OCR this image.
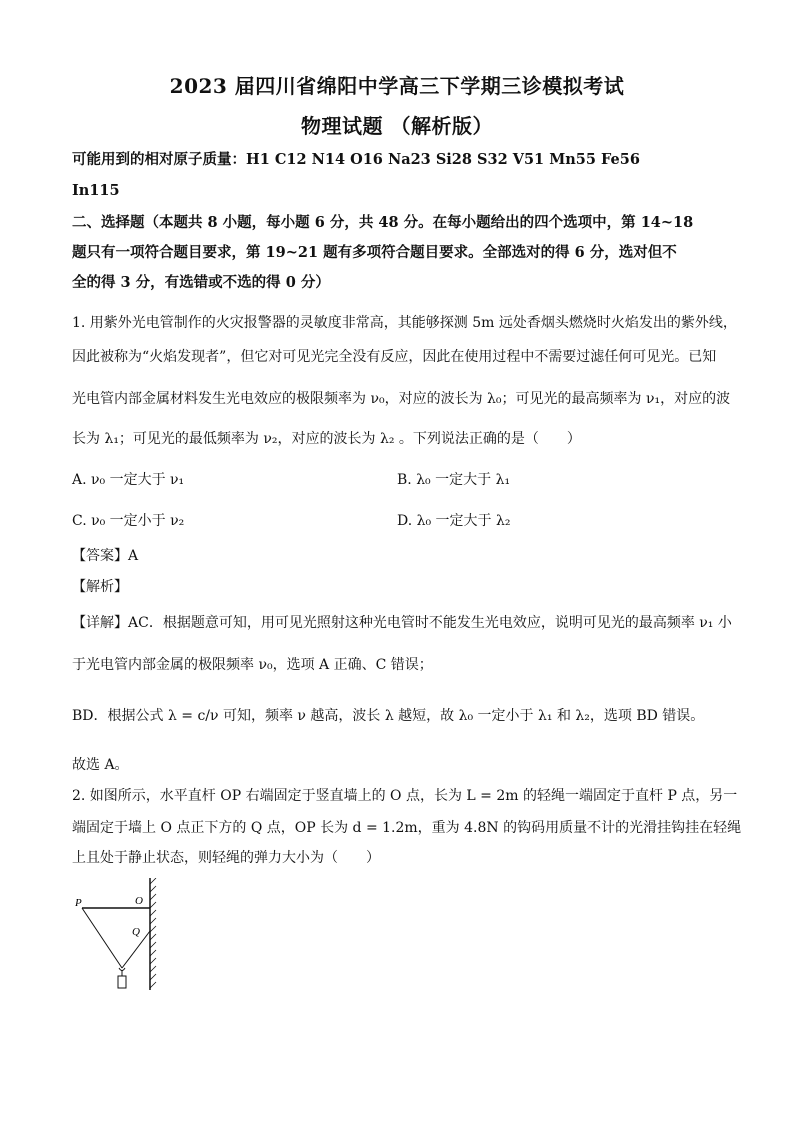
2023 届四川省绵阳中学高三下学期三诊模拟考试
物理试题 （解析版）
可能用到的相对原子质量：H1 C12 N14 O16 Na23 Si28 S32 V51 Mn55 Fe56
In115
二、选择题（本题共 8 小题，每小题 6 分，共 48 分。在每小题给出的四个选项中，第 14~18
题只有一项符合题目要求，第 19~21 题有多项符合题目要求。全部选对的得 6 分，选对但不
全的得 3 分，有选错或不选的得 0 分）
1. 用紫外光电管制作的火灾报警器的灵敏度非常高，其能够探测 5m 远处香烟头燃烧时火焰发出的紫外线，
因此被称为“火焰发现者”，但它对可见光完全没有反应，因此在使用过程中不需要过滤任何可见光。已知
光电管内部金属材料发生光电效应的极限频率为 ν₀，对应的波长为 λ₀；可见光的最高频率为 ν₁，对应的波
长为 λ₁；可见光的最低频率为 ν₂，对应的波长为 λ₂ 。下列说法正确的是（　　）
A. ν₀ 一定大于 ν₁	B. λ₀ 一定大于 λ₁
C. ν₀ 一定小于 ν₂	D. λ₀ 一定大于 λ₂
【答案】A
【解析】
【详解】AC．根据题意可知，用可见光照射这种光电管时不能发生光电效应，说明可见光的最高频率 ν₁ 小
于光电管内部金属的极限频率 ν₀，选项 A 正确、C 错误；
BD．根据公式 λ = c/ν 可知，频率 ν 越高，波长 λ 越短，故 λ₀ 一定小于 λ₁ 和 λ₂，选项 BD 错误。
故选 A。
2. 如图所示，水平直杆 OP 右端固定于竖直墙上的 O 点，长为 L = 2m 的轻绳一端固定于直杆 P 点，另一
端固定于墙上 O 点正下方的 Q 点，OP 长为 d = 1.2m，重为 4.8N 的钩码用质量不计的光滑挂钩挂在轻绳
上且处于静止状态，则轻绳的弹力大小为（　　）
P	O
Q
